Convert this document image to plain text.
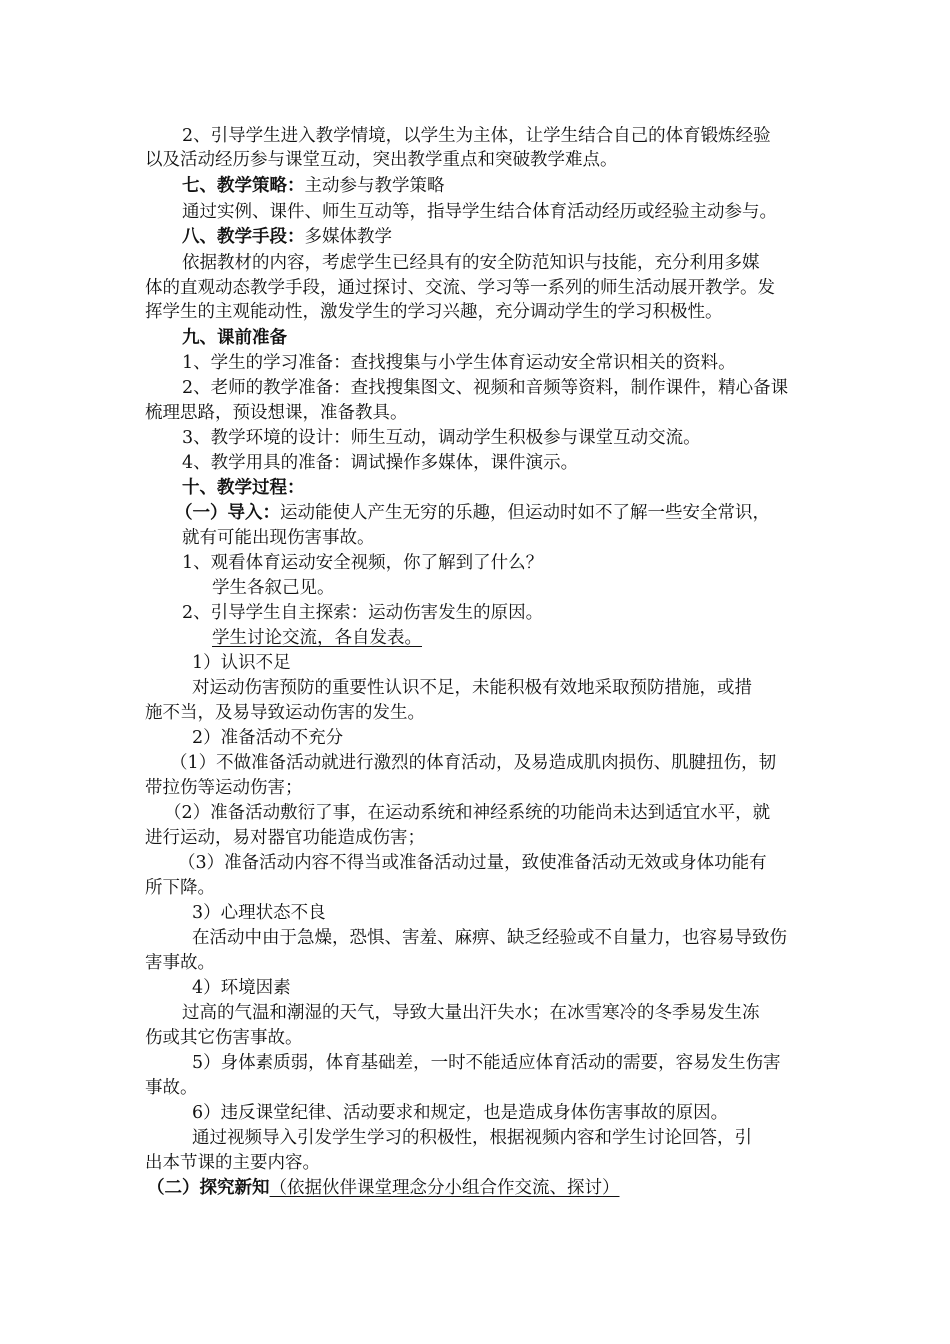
2、引导学生进入教学情境，以学生为主体，让学生结合自己的体育锻炼经验
以及活动经历参与课堂互动，突出教学重点和突破教学难点。
七、教学策略：主动参与教学策略
通过实例、课件、师生互动等，指导学生结合体育活动经历或经验主动参与。
八、教学手段：多媒体教学
依据教材的内容，考虑学生已经具有的安全防范知识与技能，充分利用多媒
体的直观动态教学手段，通过探讨、交流、学习等一系列的师生活动展开教学。发
挥学生的主观能动性，激发学生的学习兴趣，充分调动学生的学习积极性。
九、课前准备
1、学生的学习准备：查找搜集与小学生体育运动安全常识相关的资料。
2、老师的教学准备：查找搜集图文、视频和音频等资料，制作课件，精心备课
梳理思路，预设想课，准备教具。
3、教学环境的设计：师生互动，调动学生积极参与课堂互动交流。
4、教学用具的准备：调试操作多媒体，课件演示。
十、教学过程：
（一）导入：运动能使人产生无穷的乐趣，但运动时如不了解一些安全常识，
就有可能出现伤害事故。
1、观看体育运动安全视频，你了解到了什么？
学生各叙己见。
2、引导学生自主探索：运动伤害发生的原因。
学生讨论交流，各自发表。
1）认识不足
对运动伤害预防的重要性认识不足，未能积极有效地采取预防措施，或措
施不当，及易导致运动伤害的发生。
2）准备活动不充分
（1）不做准备活动就进行激烈的体育活动，及易造成肌肉损伤、肌腱扭伤，韧
带拉伤等运动伤害；
（2）准备活动敷衍了事，在运动系统和神经系统的功能尚未达到适宜水平，就
进行运动，易对器官功能造成伤害；
（3）准备活动内容不得当或准备活动过量，致使准备活动无效或身体功能有
所下降。
3）心理状态不良
在活动中由于急燥，恐惧、害羞、麻痹、缺乏经验或不自量力，也容易导致伤
害事故。
4）环境因素
过高的气温和潮湿的天气，导致大量出汗失水；在冰雪寒冷的冬季易发生冻
伤或其它伤害事故。
5）身体素质弱，体育基础差，一时不能适应体育活动的需要，容易发生伤害
事故。
6）违反课堂纪律、活动要求和规定，也是造成身体伤害事故的原因。
通过视频导入引发学生学习的积极性，根据视频内容和学生讨论回答，引
出本节课的主要内容。
（二）探究新知（依据伙伴课堂理念分小组合作交流、探讨）
